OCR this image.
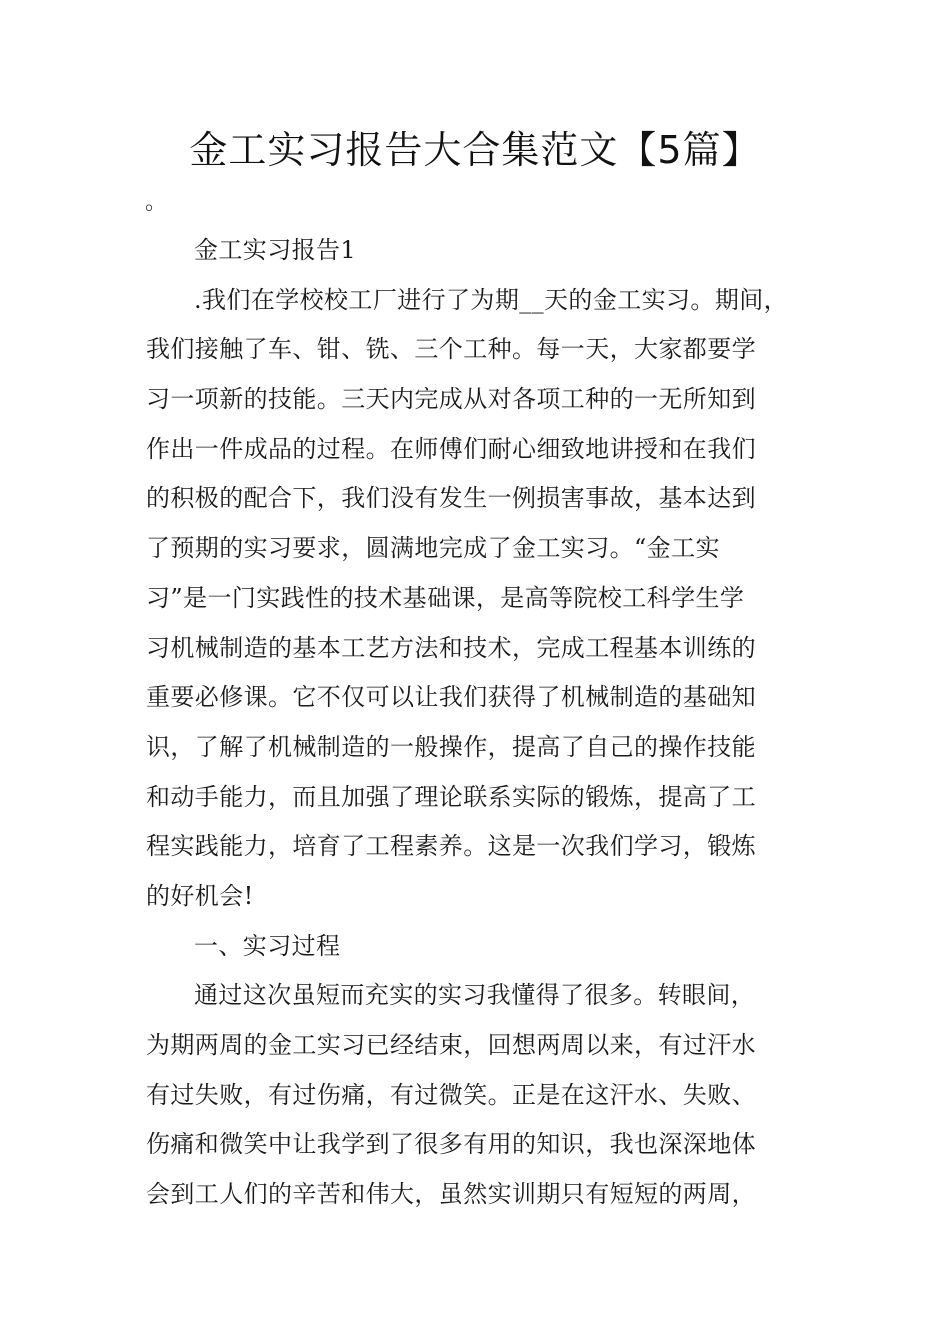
金工实习报告大合集范文【5篇】
。
金工实习报告1
.我们在学校校工厂进行了为期__天的金工实习。期间，
我们接触了车、钳、铣、三个工种。每一天，大家都要学
习一项新的技能。三天内完成从对各项工种的一无所知到
作出一件成品的过程。在师傅们耐心细致地讲授和在我们
的积极的配合下，我们没有发生一例损害事故，基本达到
了预期的实习要求，圆满地完成了金工实习。“金工实
习”是一门实践性的技术基础课，是高等院校工科学生学
习机械制造的基本工艺方法和技术，完成工程基本训练的
重要必修课。它不仅可以让我们获得了机械制造的基础知
识，了解了机械制造的一般操作，提高了自己的操作技能
和动手能力，而且加强了理论联系实际的锻炼，提高了工
程实践能力，培育了工程素养。这是一次我们学习，锻炼
的好机会!
一、实习过程
通过这次虽短而充实的实习我懂得了很多。转眼间，
为期两周的金工实习已经结束，回想两周以来，有过汗水
有过失败，有过伤痛，有过微笑。正是在这汗水、失败、
伤痛和微笑中让我学到了很多有用的知识，我也深深地体
会到工人们的辛苦和伟大，虽然实训期只有短短的两周，
